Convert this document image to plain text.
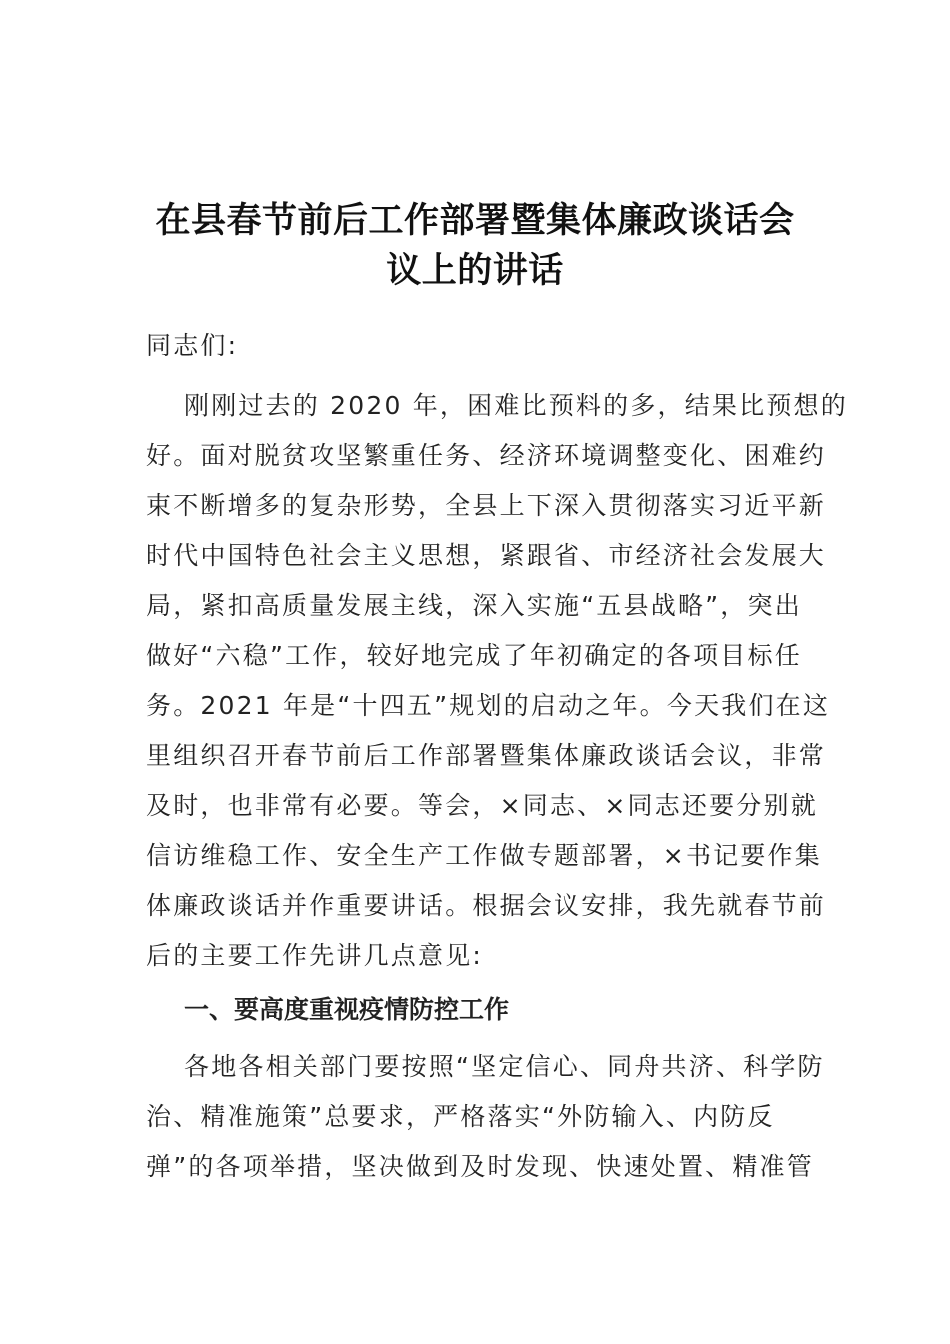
在县春节前后工作部署暨集体廉政谈话会
议上的讲话

同志们:

刚刚过去的 2020 年，困难比预料的多，结果比预想的
好。面对脱贫攻坚繁重任务、经济环境调整变化、困难约
束不断增多的复杂形势，全县上下深入贯彻落实习近平新
时代中国特色社会主义思想，紧跟省、市经济社会发展大
局，紧扣高质量发展主线，深入实施“五县战略”，突出
做好“六稳”工作，较好地完成了年初确定的各项目标任
务。2021 年是“十四五”规划的启动之年。今天我们在这
里组织召开春节前后工作部署暨集体廉政谈话会议，非常
及时，也非常有必要。等会，×同志、×同志还要分别就
信访维稳工作、安全生产工作做专题部署，×书记要作集
体廉政谈话并作重要讲话。根据会议安排，我先就春节前
后的主要工作先讲几点意见:
一、要高度重视疫情防控工作
各地各相关部门要按照“坚定信心、同舟共济、科学防
治、精准施策”总要求，严格落实“外防输入、内防反
弹”的各项举措，坚决做到及时发现、快速处置、精准管
